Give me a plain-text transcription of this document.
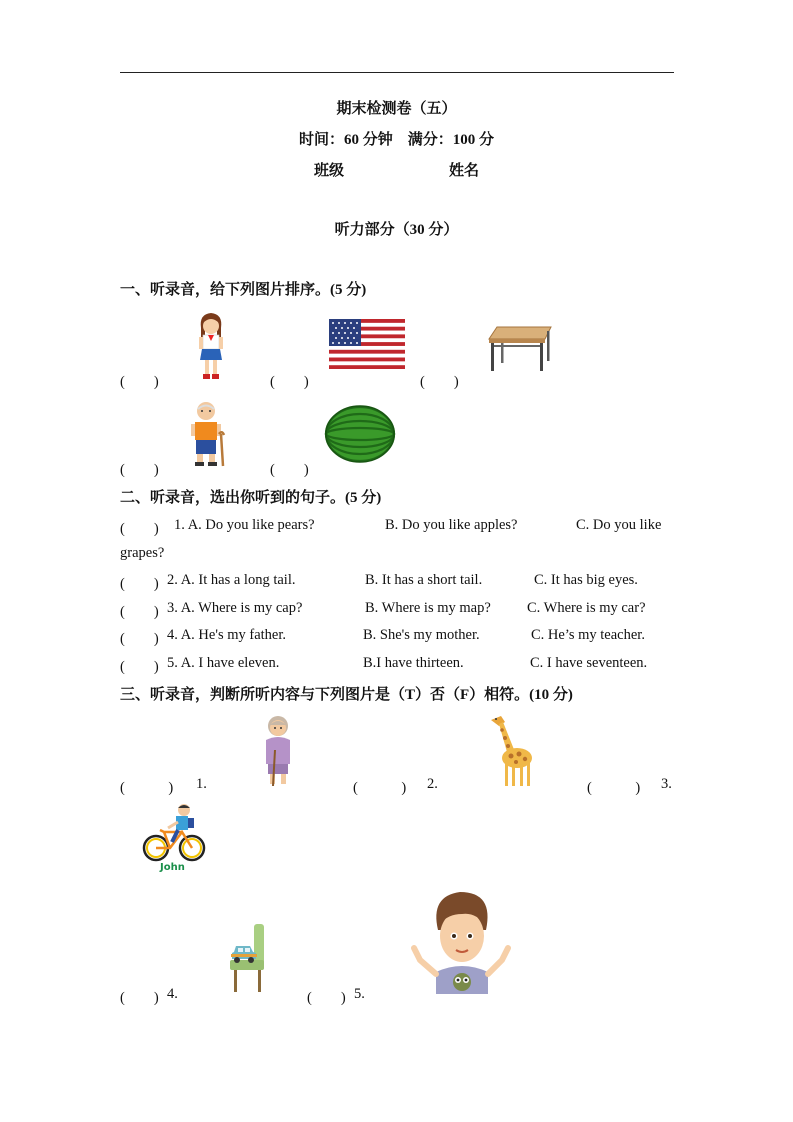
期末检测卷（五）
时间：60 分钟　满分：100 分
班级	姓名
听力部分（30 分）
一、听录音，给下列图片排序。(5 分)
(　　)	(　　)	(　　)
(　　)	(　　)
二、听录音，选出你听到的句子。(5 分)
(　　) 1. A. Do you like pears?	B. Do you like apples?	C. Do you like
grapes?
(　　) 2. A. It has a long tail.	B. It has a short tail.	C. It has big eyes.
(　　) 3. A. Where is my cap?	B. Where is my map? C. Where is my car?
(　　) 4. A. He's my father.	B. She's my mother.	C. He’s my teacher.
(　　) 5. A. I have eleven.	B.I have thirteen.	C. I have seventeen.
三、听录音，判断所听内容与下列图片是（T）否（F）相符。(10 分)
(　　　) 1.	(　　　) 2.	(　　　) 3.
John
(　　) 4.	(　　) 5.
